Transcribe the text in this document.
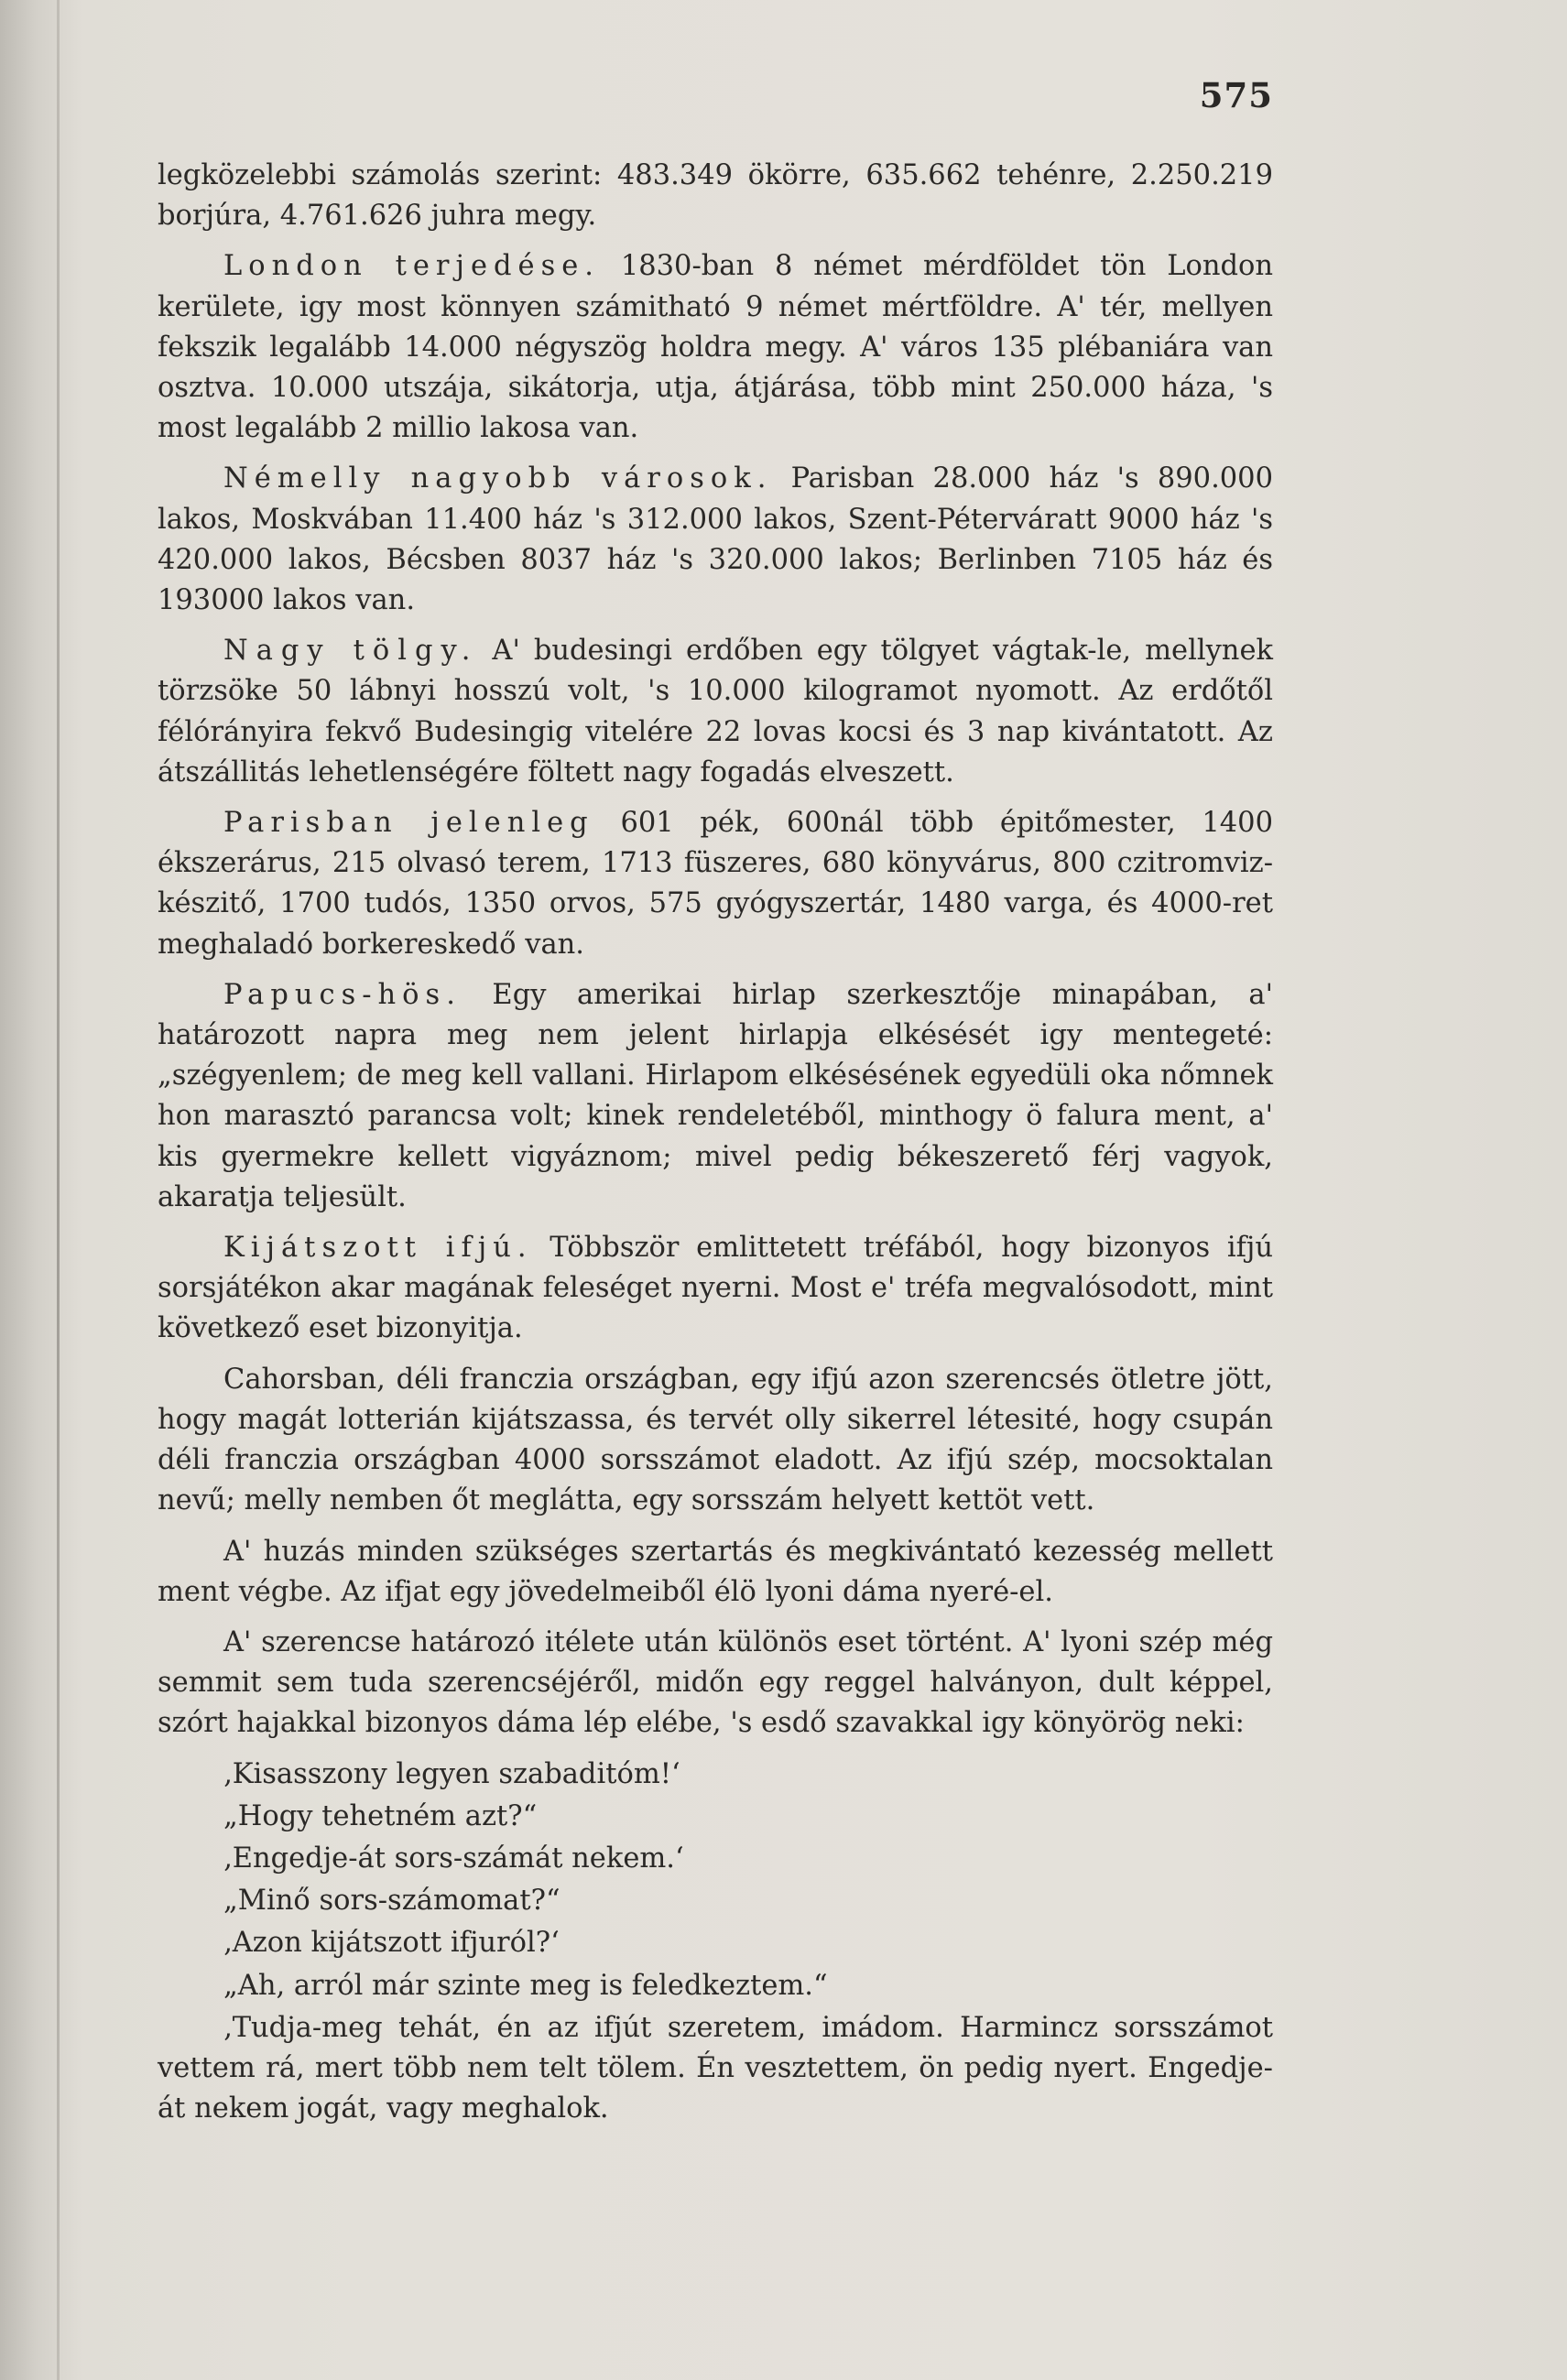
575

legközelebbi számolás szerint: 483.349 ökörre, 635.662 tehénre, 2.250.219 borjúra, 4.761.626 juhra megy.

London terjedése. 1830-ban 8 német mérdföldet tön London kerülete, igy most könnyen számitható 9 német mértföldre. A' tér, mellyen fekszik legalább 14.000 négyszög holdra megy. A' város 135 plébaniára van osztva. 10.000 utszája, sikátorja, utja, átjárása, több mint 250.000 háza, 's most legalább 2 millio lakosa van.

Némelly nagyobb városok. Parisban 28.000 ház 's 890.000 lakos, Moskvában 11.400 ház 's 312.000 lakos, Szent-Péterváratt 9000 ház 's 420.000 lakos, Bécsben 8037 ház 's 320.000 lakos; Berlinben 7105 ház és 193000 lakos van.

Nagy tölgy. A' budesingi erdőben egy tölgyet vágtak-le, mellynek törzsöke 50 lábnyi hosszú volt, 's 10.000 kilogramot nyomott. Az erdőtől félórányira fekvő Budesingig vitelére 22 lovas kocsi és 3 nap kivántatott. Az átszállitás lehetlenségére föltett nagy fogadás elveszett.

Parisban jelenleg 601 pék, 600nál több épitőmester, 1400 ékszerárus, 215 olvasó terem, 1713 füszeres, 680 könyvárus, 800 czitromviz-készitő, 1700 tudós, 1350 orvos, 575 gyógyszertár, 1480 varga, és 4000-ret meghaladó borkereskedő van.

Papucs-hös. Egy amerikai hirlap szerkesztője minapában, a' határozott napra meg nem jelent hirlapja elkésését igy mentegeté: „szégyenlem; de meg kell vallani. Hirlapom elkésésének egyedüli oka nőmnek hon marasztó parancsa volt; kinek rendeletéből, minthogy ö falura ment, a' kis gyermekre kellett vigyáznom; mivel pedig békeszerető férj vagyok, akaratja teljesült.

Kijátszott ifjú. Többször emlittetett tréfából, hogy bizonyos ifjú sorsjátékon akar magának feleséget nyerni. Most e' tréfa megvalósodott, mint következő eset bizonyitja.

Cahorsban, déli franczia országban, egy ifjú azon szerencsés ötletre jött, hogy magát lotterián kijátszassa, és tervét olly sikerrel létesité, hogy csupán déli franczia országban 4000 sorsszámot eladott. Az ifjú szép, mocsoktalan nevű; melly nemben őt meglátta, egy sorsszám helyett kettöt vett.

A' huzás minden szükséges szertartás és megkivántató kezesség mellett ment végbe. Az ifjat egy jövedelmeiből élö lyoni dáma nyeré-el.

A' szerencse határozó itélete után különös eset történt. A' lyoni szép még semmit sem tuda szerencséjéről, midőn egy reggel halványon, dult képpel, szórt hajakkal bizonyos dáma lép elébe, 's esdő szavakkal igy könyörög neki:

‚Kisasszony legyen szabaditóm!‘

„Hogy tehetném azt?“

‚Engedje-át sors-számát nekem.‘

„Minő sors-számomat?“

‚Azon kijátszott ifjuról?‘

„Ah, arról már szinte meg is feledkeztem.“

‚Tudja-meg tehát, én az ifjút szeretem, imádom. Harmincz sorsszámot vettem rá, mert több nem telt tölem. Én vesztettem, ön pedig nyert. Engedje-át nekem jogát, vagy meghalok.
